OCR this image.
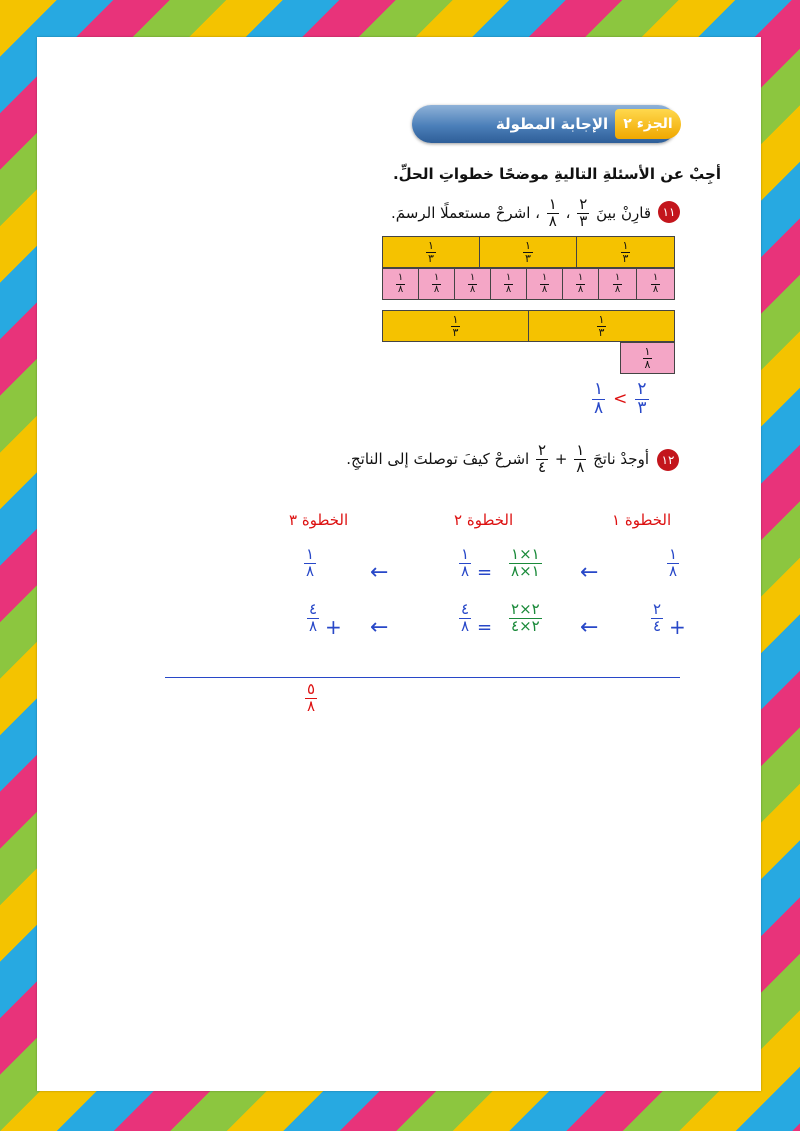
الإجابة المطولة	الجزء ٢
أجِبْ عن الأسئلةِ التاليةِ موضحًا خطواتِ الحلِّ.
١١
قارِنْ بينَ
٢
٣
،
١
٨
، اشرحْ مستعملًا الرسمَ.
١
٣
١
٣
١
٣
١
٨
١
٨
١
٨
١
٨
١
٨
١
٨
١
٨
١
٨
١
٣
١
٣
١
٨
١
٨ <
٢
٣
١٢
أوجدْ ناتجَ
١
٨
+
٢
٤
اشرحْ كيفَ توصلتَ إلى الناتجِ.
الخطوة ١
الخطوة ٢
الخطوة ٣
١
٨
←
١×١
١×٨
=
١
٨
←
١
٨
+
٢
٤
←
٢×٢
٢×٤
=
٤
٨
←
٤
٨ +
٥
٨
